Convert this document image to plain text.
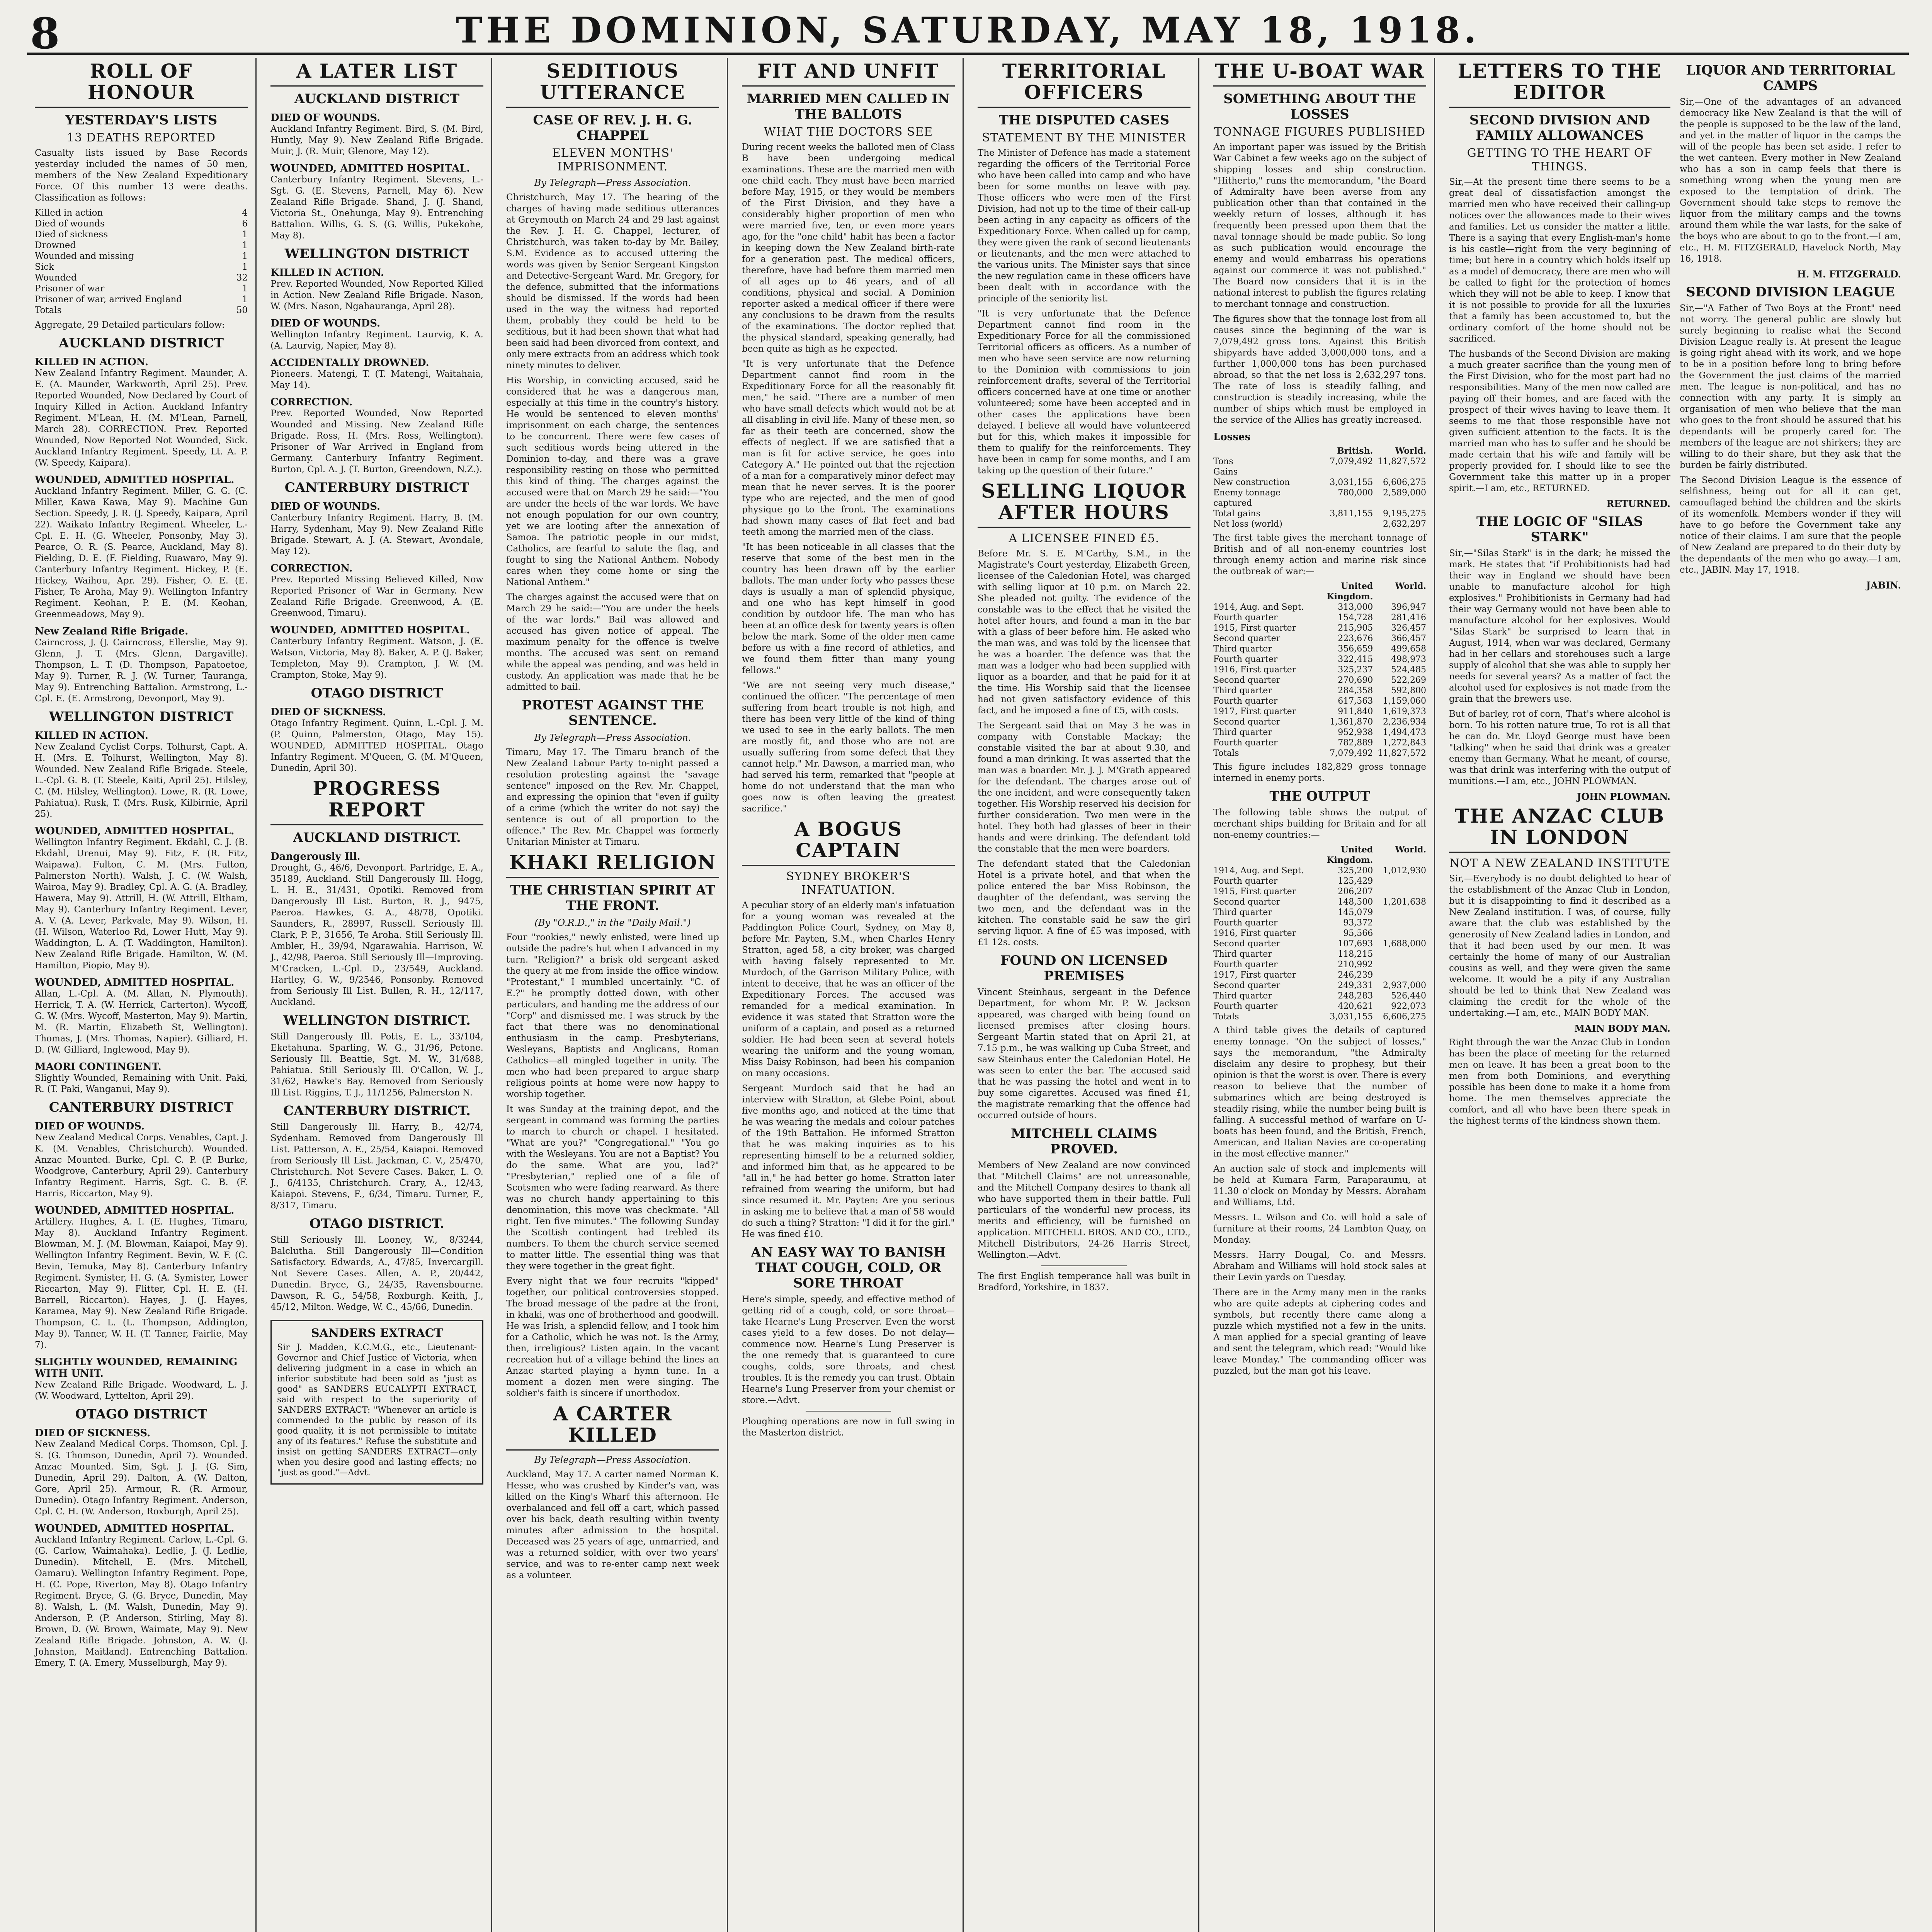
8	THE DOMINION, SATURDAY, MAY 18, 1918.
ROLL OF HONOUR
YESTERDAY'S LISTS
13 DEATHS REPORTED

Casualty lists issued by Base Records yesterday included the names of 50 men, members of the New Zealand Expeditionary Force. Of this number 13 were deaths. Classification as follows:

Killed in action	4
Died of wounds	6
Died of sickness	1
Drowned	1
Wounded and missing	1
Sick	1
Wounded	32
Prisoner of war	1
Prisoner of war, arrived England	1
Totals	50

Aggregate, 29 Detailed particulars follow:

AUCKLAND DISTRICT
KILLED IN ACTION.

New Zealand Infantry Regiment. Maunder, A. E. (A. Maunder, Warkworth, April 25). Prev. Reported Wounded, Now Declared by Court of Inquiry Killed in Action. Auckland Infantry Regiment. M'Lean, H. (M. M'Lean, Parnell, March 28). CORRECTION. Prev. Reported Wounded, Now Reported Not Wounded, Sick. Auckland Infantry Regiment. Speedy, Lt. A. P. (W. Speedy, Kaipara).

WOUNDED, ADMITTED HOSPITAL.

Auckland Infantry Regiment. Miller, G. G. (C. Miller, Kawa Kawa, May 9). Machine Gun Section. Speedy, J. R. (J. Speedy, Kaipara, April 22). Waikato Infantry Regiment. Wheeler, L.-Cpl. E. H. (G. Wheeler, Ponsonby, May 3). Pearce, O. R. (S. Pearce, Auckland, May 8). Fielding, D. E. (F. Fielding, Ruawaro, May 9). Canterbury Infantry Regiment. Hickey, P. (E. Hickey, Waihou, Apr. 29). Fisher, O. E. (E. Fisher, Te Aroha, May 9). Wellington Infantry Regiment. Keohan, P. E. (M. Keohan, Greenmeadows, May 9).

New Zealand Rifle Brigade.

Cairncross, J. (J. Cairncross, Ellerslie, May 9). Glenn, J. T. (Mrs. Glenn, Dargaville). Thompson, L. T. (D. Thompson, Papatoetoe, May 9). Turner, R. J. (W. Turner, Tauranga, May 9). Entrenching Battalion. Armstrong, L.-Cpl. E. (E. Armstrong, Devonport, May 9).

WELLINGTON DISTRICT
KILLED IN ACTION.

New Zealand Cyclist Corps. Tolhurst, Capt. A. H. (Mrs. E. Tolhurst, Wellington, May 8). Wounded. New Zealand Rifle Brigade. Steele, L.-Cpl. G. B. (T. Steele, Kaiti, April 25). Hilsley, C. (M. Hilsley, Wellington). Lowe, R. (R. Lowe, Pahiatua). Rusk, T. (Mrs. Rusk, Kilbirnie, April 25).

WOUNDED, ADMITTED HOSPITAL.

Wellington Infantry Regiment. Ekdahl, C. J. (B. Ekdahl, Urenui, May 9). Fitz, F. (R. Fitz, Waipawa). Fulton, C. M. (Mrs. Fulton, Palmerston North). Walsh, J. C. (W. Walsh, Wairoa, May 9). Bradley, Cpl. A. G. (A. Bradley, Hawera, May 9). Attrill, H. (W. Attrill, Eltham, May 9). Canterbury Infantry Regiment. Lever, A. V. (A. Lever, Parkvale, May 9). Wilson, H. (H. Wilson, Waterloo Rd, Lower Hutt, May 9). Waddington, L. A. (T. Waddington, Hamilton). New Zealand Rifle Brigade. Hamilton, W. (M. Hamilton, Piopio, May 9).

WOUNDED, ADMITTED HOSPITAL.

Allan, L.-Cpl. A. (M. Allan, N. Plymouth). Herrick, T. A. (W. Herrick, Carterton). Wycoff, G. W. (Mrs. Wycoff, Masterton, May 9). Martin, M. (R. Martin, Elizabeth St, Wellington). Thomas, J. (Mrs. Thomas, Napier). Gilliard, H. D. (W. Gilliard, Inglewood, May 9).

MAORI CONTINGENT.

Slightly Wounded, Remaining with Unit. Paki, R. (T. Paki, Wanganui, May 9).

CANTERBURY DISTRICT
DIED OF WOUNDS.

New Zealand Medical Corps. Venables, Capt. J. K. (M. Venables, Christchurch). Wounded. Anzac Mounted. Burke, Cpl. C. P. (P. Burke, Woodgrove, Canterbury, April 29). Canterbury Infantry Regiment. Harris, Sgt. C. B. (F. Harris, Riccarton, May 9).

WOUNDED, ADMITTED HOSPITAL.

Artillery. Hughes, A. I. (E. Hughes, Timaru, May 8). Auckland Infantry Regiment. Blowman, M. J. (M. Blowman, Kaiapoi, May 9). Wellington Infantry Regiment. Bevin, W. F. (C. Bevin, Temuka, May 8). Canterbury Infantry Regiment. Symister, H. G. (A. Symister, Lower Riccarton, May 9). Flitter, Cpl. H. E. (H. Barrell, Riccarton). Hayes, J. (J. Hayes, Karamea, May 9). New Zealand Rifle Brigade. Thompson, C. L. (L. Thompson, Addington, May 9). Tanner, W. H. (T. Tanner, Fairlie, May 7).

SLIGHTLY WOUNDED, REMAINING WITH UNIT.

New Zealand Rifle Brigade. Woodward, L. J. (W. Woodward, Lyttelton, April 29).

OTAGO DISTRICT
DIED OF SICKNESS.

New Zealand Medical Corps. Thomson, Cpl. J. S. (G. Thomson, Dunedin, April 7). Wounded. Anzac Mounted. Sim, Sgt. J. J. (G. Sim, Dunedin, April 29). Dalton, A. (W. Dalton, Gore, April 25). Armour, R. (R. Armour, Dunedin). Otago Infantry Regiment. Anderson, Cpl. C. H. (W. Anderson, Roxburgh, April 25).

WOUNDED, ADMITTED HOSPITAL.

Auckland Infantry Regiment. Carlow, L.-Cpl. G. (G. Carlow, Waimahaka). Ledlie, J. (J. Ledlie, Dunedin). Mitchell, E. (Mrs. Mitchell, Oamaru). Wellington Infantry Regiment. Pope, H. (C. Pope, Riverton, May 8). Otago Infantry Regiment. Bryce, G. (G. Bryce, Dunedin, May 8). Walsh, L. (M. Walsh, Dunedin, May 9). Anderson, P. (P. Anderson, Stirling, May 8). Brown, D. (W. Brown, Waimate, May 9). New Zealand Rifle Brigade. Johnston, A. W. (J. Johnston, Maitland). Entrenching Battalion. Emery, T. (A. Emery, Musselburgh, May 9).

A LATER LIST
AUCKLAND DISTRICT
DIED OF WOUNDS.

Auckland Infantry Regiment. Bird, S. (M. Bird, Huntly, May 9). New Zealand Rifle Brigade. Muir, J. (R. Muir, Glenore, May 12).

WOUNDED, ADMITTED HOSPITAL.

Canterbury Infantry Regiment. Stevens, L.-Sgt. G. (E. Stevens, Parnell, May 6). New Zealand Rifle Brigade. Shand, J. (J. Shand, Victoria St., Onehunga, May 9). Entrenching Battalion. Willis, G. S. (G. Willis, Pukekohe, May 8).

WELLINGTON DISTRICT
KILLED IN ACTION.

Prev. Reported Wounded, Now Reported Killed in Action. New Zealand Rifle Brigade. Nason, W. (Mrs. Nason, Ngahauranga, April 28).

DIED OF WOUNDS.

Wellington Infantry Regiment. Laurvig, K. A. (A. Laurvig, Napier, May 8).

ACCIDENTALLY DROWNED.

Pioneers. Matengi, T. (T. Matengi, Waitahaia, May 14).

CORRECTION.

Prev. Reported Wounded, Now Reported Wounded and Missing. New Zealand Rifle Brigade. Ross, H. (Mrs. Ross, Wellington). Prisoner of War Arrived in England from Germany. Canterbury Infantry Regiment. Burton, Cpl. A. J. (T. Burton, Greendown, N.Z.).

CANTERBURY DISTRICT
DIED OF WOUNDS.

Canterbury Infantry Regiment. Harry, B. (M. Harry, Sydenham, May 9). New Zealand Rifle Brigade. Stewart, A. J. (A. Stewart, Avondale, May 12).

CORRECTION.

Prev. Reported Missing Believed Killed, Now Reported Prisoner of War in Germany. New Zealand Rifle Brigade. Greenwood, A. (E. Greenwood, Timaru).

WOUNDED, ADMITTED HOSPITAL.

Canterbury Infantry Regiment. Watson, J. (E. Watson, Victoria, May 8). Baker, A. P. (J. Baker, Templeton, May 9). Crampton, J. W. (M. Crampton, Stoke, May 9).

OTAGO DISTRICT
DIED OF SICKNESS.

Otago Infantry Regiment. Quinn, L.-Cpl. J. M. (P. Quinn, Palmerston, Otago, May 15). WOUNDED, ADMITTED HOSPITAL. Otago Infantry Regiment. M'Queen, G. (M. M'Queen, Dunedin, April 30).

PROGRESS REPORT
AUCKLAND DISTRICT.
Dangerously Ill.

Drought, G., 46/6, Devonport. Partridge, E. A., 35189, Auckland. Still Dangerously Ill. Hogg, L. H. E., 31/431, Opotiki. Removed from Dangerously Ill List. Burton, R. J., 9475, Paeroa. Hawkes, G. A., 48/78, Opotiki. Saunders, R., 28997, Russell. Seriously Ill. Clark, P. P., 31656, Te Aroha. Still Seriously Ill. Ambler, H., 39/94, Ngarawahia. Harrison, W. J., 42/98, Paeroa. Still Seriously Ill—Improving. M'Cracken, L.-Cpl. D., 23/549, Auckland. Hartley, G. W., 9/2546, Ponsonby. Removed from Seriously Ill List. Bullen, R. H., 12/117, Auckland.

WELLINGTON DISTRICT.

Still Dangerously Ill. Potts, E. L., 33/104, Eketahuna. Sparling, W. G., 31/96, Petone. Seriously Ill. Beattie, Sgt. M. W., 31/688, Pahiatua. Still Seriously Ill. O'Callon, W. J., 31/62, Hawke's Bay. Removed from Seriously Ill List. Riggins, T. J., 11/1256, Palmerston N.

CANTERBURY DISTRICT.

Still Dangerously Ill. Harry, B., 42/74, Sydenham. Removed from Dangerously Ill List. Patterson, A. E., 25/54, Kaiapoi. Removed from Seriously Ill List. Jackman, C. V., 25/470, Christchurch. Not Severe Cases. Baker, L. O. J., 6/4135, Christchurch. Crary, A., 12/43, Kaiapoi. Stevens, F., 6/34, Timaru. Turner, F., 8/317, Timaru.

OTAGO DISTRICT.

Still Seriously Ill. Looney, W., 8/3244, Balclutha. Still Dangerously Ill—Condition Satisfactory. Edwards, A., 47/85, Invercargill. Not Severe Cases. Allen, A. P., 20/442, Dunedin. Bryce, G., 24/35, Ravensbourne. Dawson, R. G., 54/58, Roxburgh. Keith, J., 45/12, Milton. Wedge, W. C., 45/66, Dunedin.

SANDERS EXTRACT
Sir J. Madden, K.C.M.G., etc., Lieutenant-Governor and Chief Justice of Victoria, when delivering judgment in a case in which an inferior substitute had been sold as "just as good" as SANDERS EUCALYPTI EXTRACT, said with respect to the superiority of SANDERS EXTRACT: "Whenever an article is commended to the public by reason of its good quality, it is not permissible to imitate any of its features." Refuse the substitute and insist on getting SANDERS EXTRACT—only when you desire good and lasting effects; no "just as good."—Advt.
SEDITIOUS UTTERANCE
CASE OF REV. J. H. G. CHAPPEL
ELEVEN MONTHS' IMPRISONMENT.
By Telegraph—Press Association.

Christchurch, May 17. The hearing of the charges of having made seditious utterances at Greymouth on March 24 and 29 last against the Rev. J. H. G. Chappel, lecturer, of Christchurch, was taken to-day by Mr. Bailey, S.M. Evidence as to accused uttering the words was given by Senior Sergeant Kingston and Detective-Sergeant Ward. Mr. Gregory, for the defence, submitted that the informations should be dismissed. If the words had been used in the way the witness had reported them, probably they could be held to be seditious, but it had been shown that what had been said had been divorced from context, and only mere extracts from an address which took ninety minutes to deliver.

His Worship, in convicting accused, said he considered that he was a dangerous man, especially at this time in the country's history. He would be sentenced to eleven months' imprisonment on each charge, the sentences to be concurrent. There were few cases of such seditious words being uttered in the Dominion to-day, and there was a grave responsibility resting on those who permitted this kind of thing. The charges against the accused were that on March 29 he said:—"You are under the heels of the war lords. We have not enough population for our own country, yet we are looting after the annexation of Samoa. The patriotic people in our midst, Catholics, are fearful to salute the flag, and fought to sing the National Anthem. Nobody cares when they come home or sing the National Anthem."

The charges against the accused were that on March 29 he said:—"You are under the heels of the war lords." Bail was allowed and accused has given notice of appeal. The maximum penalty for the offence is twelve months. The accused was sent on remand while the appeal was pending, and was held in custody. An application was made that he be admitted to bail.

PROTEST AGAINST THE SENTENCE.
By Telegraph—Press Association.

Timaru, May 17. The Timaru branch of the New Zealand Labour Party to-night passed a resolution protesting against the "savage sentence" imposed on the Rev. Mr. Chappel, and expressing the opinion that "even if guilty of a crime (which the writer do not say) the sentence is out of all proportion to the offence." The Rev. Mr. Chappel was formerly Unitarian Minister at Timaru.

KHAKI RELIGION
THE CHRISTIAN SPIRIT AT THE FRONT.
(By "O.R.D.," in the "Daily Mail.")

Four "rookies," newly enlisted, were lined up outside the padre's hut when I advanced in my turn. "Religion?" a brisk old sergeant asked the query at me from inside the office window. "Protestant," I mumbled uncertainly. "C. of E.?" he promptly dotted down, with other particulars, and handing me the address of our "Corp" and dismissed me. I was struck by the fact that there was no denominational enthusiasm in the camp. Presbyterians, Wesleyans, Baptists and Anglicans, Roman Catholics—all mingled together in unity. The men who had been prepared to argue sharp religious points at home were now happy to worship together.

It was Sunday at the training depot, and the sergeant in command was forming the parties to march to church or chapel. I hesitated. "What are you?" "Congregational." "You go with the Wesleyans. You are not a Baptist? You do the same. What are you, lad?" "Presbyterian," replied one of a file of Scotsmen who were fading rearward. As there was no church handy appertaining to this denomination, this move was checkmate. "All right. Ten five minutes." The following Sunday the Scottish contingent had trebled its numbers. To them the church service seemed to matter little. The essential thing was that they were together in the great fight.

Every night that we four recruits "kipped" together, our political controversies stopped. The broad message of the padre at the front, in khaki, was one of brotherhood and goodwill. He was Irish, a splendid fellow, and I took him for a Catholic, which he was not. Is the Army, then, irreligious? Listen again. In the vacant recreation hut of a village behind the lines an Anzac started playing a hymn tune. In a moment a dozen men were singing. The soldier's faith is sincere if unorthodox.

A CARTER KILLED
By Telegraph—Press Association.

Auckland, May 17. A carter named Norman K. Hesse, who was crushed by Kinder's van, was killed on the King's Wharf this afternoon. He overbalanced and fell off a cart, which passed over his back, death resulting within twenty minutes after admission to the hospital. Deceased was 25 years of age, unmarried, and was a returned soldier, with over two years' service, and was to re-enter camp next week as a volunteer.

FIT AND UNFIT
MARRIED MEN CALLED IN THE BALLOTS
WHAT THE DOCTORS SEE

During recent weeks the balloted men of Class B have been undergoing medical examinations. These are the married men with one child each. They must have been married before May, 1915, or they would be members of the First Division, and they have a considerably higher proportion of men who were married five, ten, or even more years ago, for the "one child" habit has been a factor in keeping down the New Zealand birth-rate for a generation past. The medical officers, therefore, have had before them married men of all ages up to 46 years, and of all conditions, physical and social. A Dominion reporter asked a medical officer if there were any conclusions to be drawn from the results of the examinations. The doctor replied that the physical standard, speaking generally, had been quite as high as he expected.

"It is very unfortunate that the Defence Department cannot find room in the Expeditionary Force for all the reasonably fit men," he said. "There are a number of men who have small defects which would not be at all disabling in civil life. Many of these men, so far as their teeth are concerned, show the effects of neglect. If we are satisfied that a man is fit for active service, he goes into Category A." He pointed out that the rejection of a man for a comparatively minor defect may mean that he never serves. It is the poorer type who are rejected, and the men of good physique go to the front. The examinations had shown many cases of flat feet and bad teeth among the married men of the class.

"It has been noticeable in all classes that the reserve that some of the best men in the country has been drawn off by the earlier ballots. The man under forty who passes these days is usually a man of splendid physique, and one who has kept himself in good condition by outdoor life. The man who has been at an office desk for twenty years is often below the mark. Some of the older men came before us with a fine record of athletics, and we found them fitter than many young fellows."

"We are not seeing very much disease," continued the officer. "The percentage of men suffering from heart trouble is not high, and there has been very little of the kind of thing we used to see in the early ballots. The men are mostly fit, and those who are not are usually suffering from some defect that they cannot help." Mr. Dawson, a married man, who had served his term, remarked that "people at home do not understand that the man who goes now is often leaving the greatest sacrifice."

A BOGUS CAPTAIN
SYDNEY BROKER'S INFATUATION.

A peculiar story of an elderly man's infatuation for a young woman was revealed at the Paddington Police Court, Sydney, on May 8, before Mr. Payten, S.M., when Charles Henry Stratton, aged 58, a city broker, was charged with having falsely represented to Mr. Murdoch, of the Garrison Military Police, with intent to deceive, that he was an officer of the Expeditionary Forces. The accused was remanded for a medical examination. In evidence it was stated that Stratton wore the uniform of a captain, and posed as a returned soldier. He had been seen at several hotels wearing the uniform and the young woman, Miss Daisy Robinson, had been his companion on many occasions.

Sergeant Murdoch said that he had an interview with Stratton, at Glebe Point, about five months ago, and noticed at the time that he was wearing the medals and colour patches of the 19th Battalion. He informed Stratton that he was making inquiries as to his representing himself to be a returned soldier, and informed him that, as he appeared to be "all in," he had better go home. Stratton later refrained from wearing the uniform, but had since resumed it. Mr. Payten: Are you serious in asking me to believe that a man of 58 would do such a thing? Stratton: "I did it for the girl." He was fined £10.

AN EASY WAY TO BANISH THAT COUGH, COLD, OR SORE THROAT

Here's simple, speedy, and effective method of getting rid of a cough, cold, or sore throat—take Hearne's Lung Preserver. Even the worst cases yield to a few doses. Do not delay—commence now. Hearne's Lung Preserver is the one remedy that is guaranteed to cure coughs, colds, sore throats, and chest troubles. It is the remedy you can trust. Obtain Hearne's Lung Preserver from your chemist or store.—Advt.

Ploughing operations are now in full swing in the Masterton district.

TERRITORIAL OFFICERS
THE DISPUTED CASES
STATEMENT BY THE MINISTER

The Minister of Defence has made a statement regarding the officers of the Territorial Force who have been called into camp and who have been for some months on leave with pay. Those officers who were men of the First Division, had not up to the time of their call-up been acting in any capacity as officers of the Expeditionary Force. When called up for camp, they were given the rank of second lieutenants or lieutenants, and the men were attached to the various units. The Minister says that since the new regulation came in these officers have been dealt with in accordance with the principle of the seniority list.

"It is very unfortunate that the Defence Department cannot find room in the Expeditionary Force for all the commissioned Territorial officers as officers. As a number of men who have seen service are now returning to the Dominion with commissions to join reinforcement drafts, several of the Territorial officers concerned have at one time or another volunteered; some have been accepted and in other cases the applications have been delayed. I believe all would have volunteered but for this, which makes it impossible for them to qualify for the reinforcements. They have been in camp for some months, and I am taking up the question of their future."

SELLING LIQUOR AFTER HOURS
A LICENSEE FINED £5.

Before Mr. S. E. M'Carthy, S.M., in the Magistrate's Court yesterday, Elizabeth Green, licensee of the Caledonian Hotel, was charged with selling liquor at 10 p.m. on March 22. She pleaded not guilty. The evidence of the constable was to the effect that he visited the hotel after hours, and found a man in the bar with a glass of beer before him. He asked who the man was, and was told by the licensee that he was a boarder. The defence was that the man was a lodger who had been supplied with liquor as a boarder, and that he paid for it at the time. His Worship said that the licensee had not given satisfactory evidence of this fact, and he imposed a fine of £5, with costs.

The Sergeant said that on May 3 he was in company with Constable Mackay; the constable visited the bar at about 9.30, and found a man drinking. It was asserted that the man was a boarder. Mr. J. J. M'Grath appeared for the defendant. The charges arose out of the one incident, and were consequently taken together. His Worship reserved his decision for further consideration. Two men were in the hotel. They both had glasses of beer in their hands and were drinking. The defendant told the constable that the men were boarders.

The defendant stated that the Caledonian Hotel is a private hotel, and that when the police entered the bar Miss Robinson, the daughter of the defendant, was serving the two men, and the defendant was in the kitchen. The constable said he saw the girl serving liquor. A fine of £5 was imposed, with £1 12s. costs.

FOUND ON LICENSED PREMISES

Vincent Steinhaus, sergeant in the Defence Department, for whom Mr. P. W. Jackson appeared, was charged with being found on licensed premises after closing hours. Sergeant Martin stated that on April 21, at 7.15 p.m., he was walking up Cuba Street, and saw Steinhaus enter the Caledonian Hotel. He was seen to enter the bar. The accused said that he was passing the hotel and went in to buy some cigarettes. Accused was fined £1, the magistrate remarking that the offence had occurred outside of hours.

MITCHELL CLAIMS PROVED.

Members of New Zealand are now convinced that "Mitchell Claims" are not unreasonable, and the Mitchell Company desires to thank all who have supported them in their battle. Full particulars of the wonderful new process, its merits and efficiency, will be furnished on application. MITCHELL BROS. AND CO., LTD., Mitchell Distributors, 24-26 Harris Street, Wellington.—Advt.

The first English temperance hall was built in Bradford, Yorkshire, in 1837.

THE U-BOAT WAR
SOMETHING ABOUT THE LOSSES
TONNAGE FIGURES PUBLISHED

An important paper was issued by the British War Cabinet a few weeks ago on the subject of shipping losses and ship construction. "Hitherto," runs the memorandum, "the Board of Admiralty have been averse from any publication other than that contained in the weekly return of losses, although it has frequently been pressed upon them that the naval tonnage should be made public. So long as such publication would encourage the enemy and would embarrass his operations against our commerce it was not published." The Board now considers that it is in the national interest to publish the figures relating to merchant tonnage and construction.

The figures show that the tonnage lost from all causes since the beginning of the war is 7,079,492 gross tons. Against this British shipyards have added 3,000,000 tons, and a further 1,000,000 tons has been purchased abroad, so that the net loss is 2,632,297 tons. The rate of loss is steadily falling, and construction is steadily increasing, while the number of ships which must be employed in the service of the Allies has greatly increased.

Losses
British.	World.
Tons	7,079,492 11,827,572
Gains
New construction	3,031,155	6,606,275
Enemy tonnage captured
780,000	2,589,000
Total gains	3,811,155	9,195,275
Net loss (world)	2,632,297

The first table gives the merchant tonnage of British and of all non-enemy countries lost through enemy action and marine risk since the outbreak of war:—

United Kingdom.
World.
1914, Aug. and Sept.	313,000	396,947
Fourth quarter	154,728	281,416
1915, First quarter	215,905	326,457
Second quarter	223,676	366,457
Third quarter	356,659	499,658
Fourth quarter	322,415	498,973
1916, First quarter	325,237	524,485
Second quarter	270,690	522,269
Third quarter	284,358	592,800
Fourth quarter	617,563	1,159,060
1917, First quarter	911,840	1,619,373
Second quarter	1,361,870	2,236,934
Third quarter	952,938	1,494,473
Fourth quarter	782,889	1,272,843
Totals	7,079,492 11,827,572

This figure includes 182,829 gross tonnage interned in enemy ports.

THE OUTPUT

The following table shows the output of merchant ships building for Britain and for all non-enemy countries:—

United Kingdom.
World.
1914, Aug. and Sept.	325,200	1,012,930
Fourth quarter	125,429
1915, First quarter	206,207
Second quarter	148,500	1,201,638
Third quarter	145,079
Fourth quarter	93,372
1916, First quarter	95,566
Second quarter	107,693	1,688,000
Third quarter	118,215
Fourth quarter	210,992
1917, First quarter	246,239
Second quarter	249,331	2,937,000
Third quarter	248,283	526,440
Fourth quarter	420,621	922,073
Totals	3,031,155	6,606,275

A third table gives the details of captured enemy tonnage. "On the subject of losses," says the memorandum, "the Admiralty disclaim any desire to prophesy, but their opinion is that the worst is over. There is every reason to believe that the number of submarines which are being destroyed is steadily rising, while the number being built is falling. A successful method of warfare on U-boats has been found, and the British, French, American, and Italian Navies are co-operating in the most effective manner."

An auction sale of stock and implements will be held at Kumara Farm, Paraparaumu, at 11.30 o'clock on Monday by Messrs. Abraham and Williams, Ltd.

Messrs. L. Wilson and Co. will hold a sale of furniture at their rooms, 24 Lambton Quay, on Monday.

Messrs. Harry Dougal, Co. and Messrs. Abraham and Williams will hold stock sales at their Levin yards on Tuesday.

There are in the Army many men in the ranks who are quite adepts at ciphering codes and symbols, but recently there came along a puzzle which mystified not a few in the units. A man applied for a special granting of leave and sent the telegram, which read: "Would like leave Monday." The commanding officer was puzzled, but the man got his leave.

LETTERS TO THE EDITOR
SECOND DIVISION AND FAMILY ALLOWANCES
GETTING TO THE HEART OF THINGS.

Sir,—At the present time there seems to be a great deal of dissatisfaction amongst the married men who have received their calling-up notices over the allowances made to their wives and families. Let us consider the matter a little. There is a saying that every English-man's home is his castle—right from the very beginning of time; but here in a country which holds itself up as a model of democracy, there are men who will be called to fight for the protection of homes which they will not be able to keep. I know that it is not possible to provide for all the luxuries that a family has been accustomed to, but the ordinary comfort of the home should not be sacrificed.

The husbands of the Second Division are making a much greater sacrifice than the young men of the First Division, who for the most part had no responsibilities. Many of the men now called are paying off their homes, and are faced with the prospect of their wives having to leave them. It seems to me that those responsible have not given sufficient attention to the facts. It is the married man who has to suffer and he should be made certain that his wife and family will be properly provided for. I should like to see the Government take this matter up in a proper spirit.—I am, etc., RETURNED.

RETURNED.
THE LOGIC OF "SILAS STARK"

Sir,—"Silas Stark" is in the dark; he missed the mark. He states that "if Prohibitionists had had their way in England we should have been unable to manufacture alcohol for high explosives." Prohibitionists in Germany had had their way Germany would not have been able to manufacture alcohol for her explosives. Would "Silas Stark" be surprised to learn that in August, 1914, when war was declared, Germany had in her cellars and storehouses such a large supply of alcohol that she was able to supply her needs for several years? As a matter of fact the alcohol used for explosives is not made from the grain that the brewers use.

But of barley, rot of corn, That's where alcohol is born. To his rotten nature true, To rot is all that he can do. Mr. Lloyd George must have been "talking" when he said that drink was a greater enemy than Germany. What he meant, of course, was that drink was interfering with the output of munitions.—I am, etc., JOHN PLOWMAN.

JOHN PLOWMAN.
THE ANZAC CLUB IN LONDON
NOT A NEW ZEALAND INSTITUTE

Sir,—Everybody is no doubt delighted to hear of the establishment of the Anzac Club in London, but it is disappointing to find it described as a New Zealand institution. I was, of course, fully aware that the club was established by the generosity of New Zealand ladies in London, and that it had been used by our men. It was certainly the home of many of our Australian cousins as well, and they were given the same welcome. It would be a pity if any Australian should be led to think that New Zealand was claiming the credit for the whole of the undertaking.—I am, etc., MAIN BODY MAN.

MAIN BODY MAN.

Right through the war the Anzac Club in London has been the place of meeting for the returned men on leave. It has been a great boon to the men from both Dominions, and everything possible has been done to make it a home from home. The men themselves appreciate the comfort, and all who have been there speak in the highest terms of the kindness shown them.

LIQUOR AND TERRITORIAL CAMPS

Sir,—One of the advantages of an advanced democracy like New Zealand is that the will of the people is supposed to be the law of the land, and yet in the matter of liquor in the camps the will of the people has been set aside. I refer to the wet canteen. Every mother in New Zealand who has a son in camp feels that there is something wrong when the young men are exposed to the temptation of drink. The Government should take steps to remove the liquor from the military camps and the towns around them while the war lasts, for the sake of the boys who are about to go to the front.—I am, etc., H. M. FITZGERALD, Havelock North, May 16, 1918.

H. M. FITZGERALD.
SECOND DIVISION LEAGUE

Sir,—"A Father of Two Boys at the Front" need not worry. The general public are slowly but surely beginning to realise what the Second Division League really is. At present the league is going right ahead with its work, and we hope to be in a position before long to bring before the Government the just claims of the married men. The league is non-political, and has no connection with any party. It is simply an organisation of men who believe that the man who goes to the front should be assured that his dependants will be properly cared for. The members of the league are not shirkers; they are willing to do their share, but they ask that the burden be fairly distributed.

The Second Division League is the essence of selfishness, being out for all it can get, camouflaged behind the children and the skirts of its womenfolk. Members wonder if they will have to go before the Government take any notice of their claims. I am sure that the people of New Zealand are prepared to do their duty by the dependants of the men who go away.—I am, etc., JABIN. May 17, 1918.

JABIN.
